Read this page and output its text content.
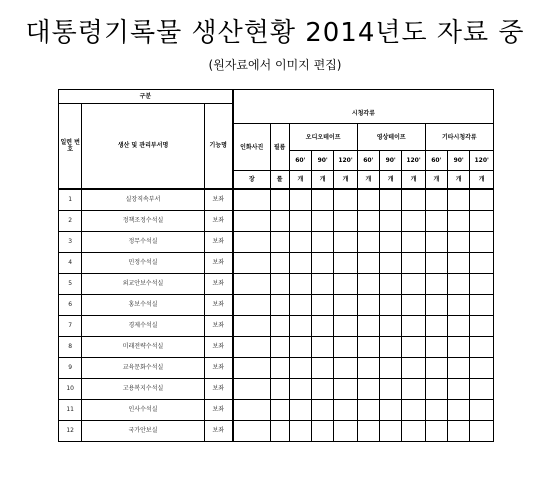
대통령기록물 생산현황 2014년도 자료 중
(원자료에서 이미지 편집)
구분													
일련 번호	생산 및 관리부서명	기능명	시청각류										
			인화사진	필름	오디오테이프			영상테이프			기타시청각류		
					60'	90'	120'	60'	90'	120'	60'	90'	120'
			장	롤	개	개	개	개	개	개	개	개	개
1	실장직속부서	보좌											
2	정책조정수석실	보좌											
3	정무수석실	보좌											
4	민정수석실	보좌											
5	외교안보수석실	보좌											
6	홍보수석실	보좌											
7	경제수석실	보좌											
8	미래전략수석실	보좌											
9	교육문화수석실	보좌											
10	고용복지수석실	보좌											
11	인사수석실	보좌											
12	국가안보실	보좌											
